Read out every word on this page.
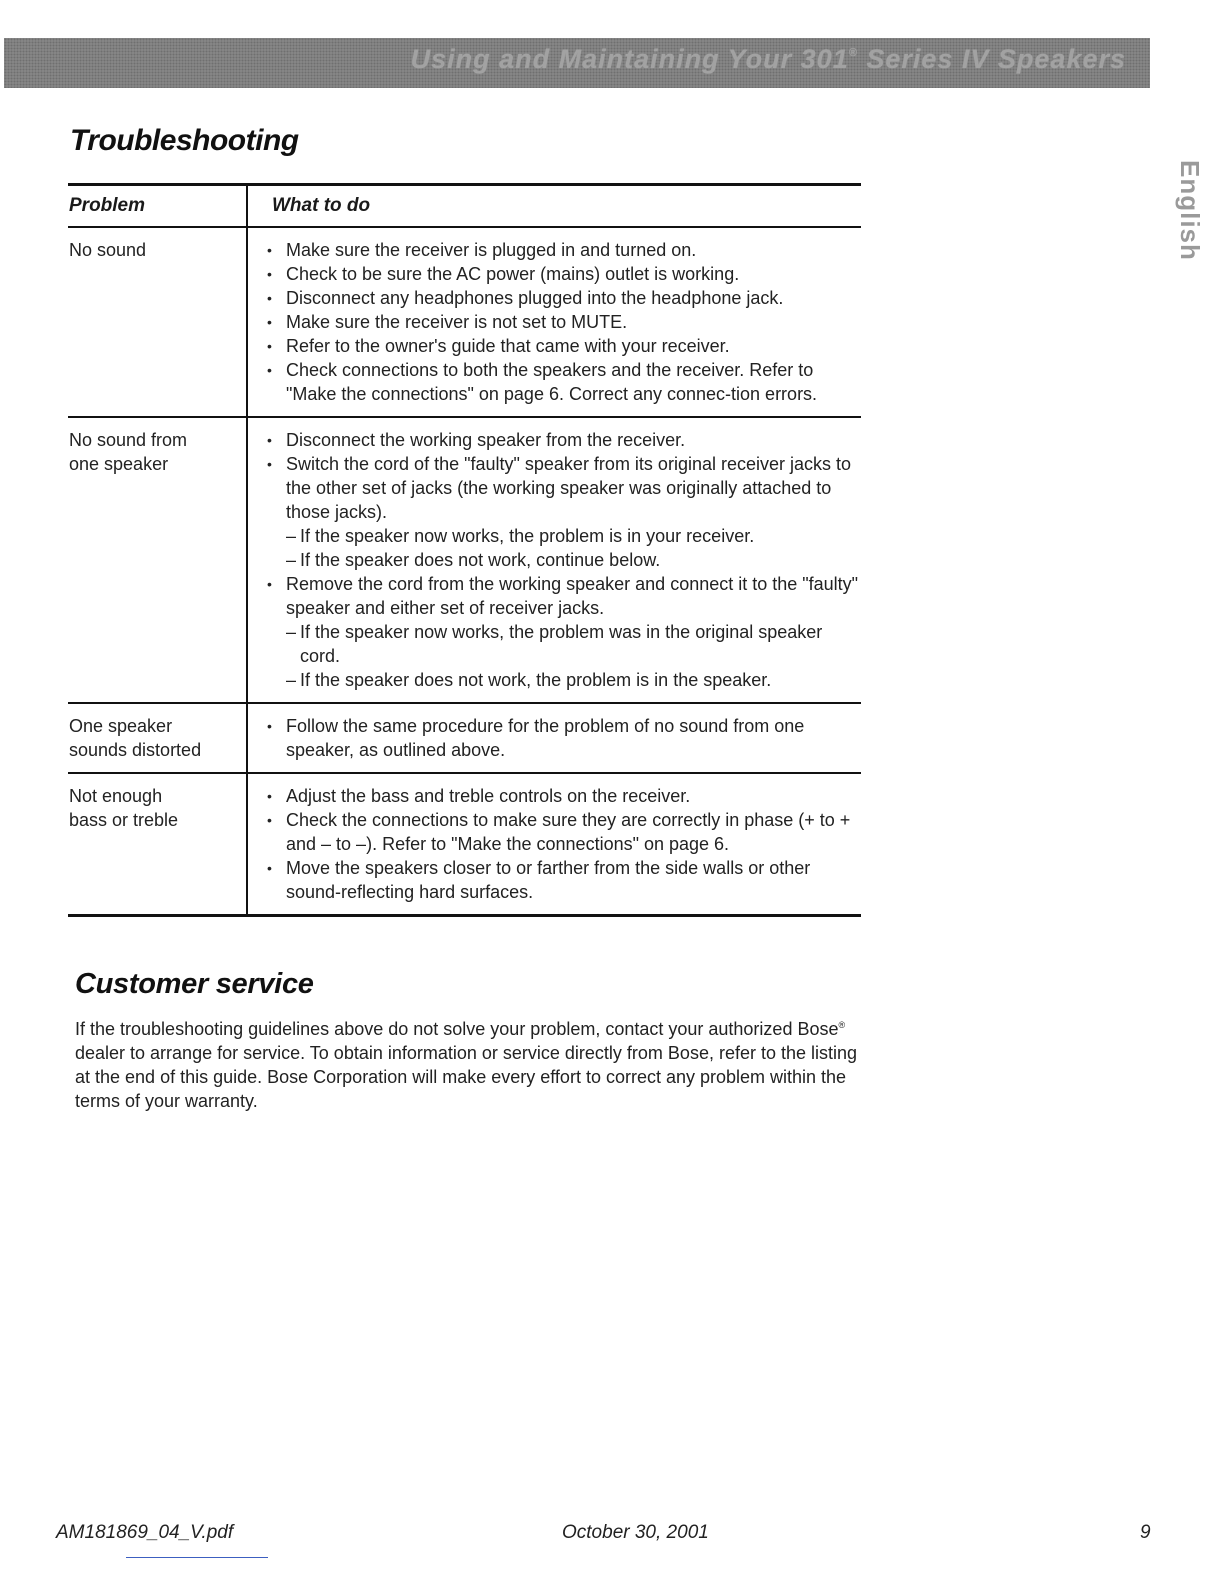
Using and Maintaining Your 301® Series IV Speakers
English
Troubleshooting
Problem	What to do
No sound
•	Make sure the receiver is plugged in and turned on.
• Check to be sure the AC power (mains) outlet is working.
• Disconnect any headphones plugged into the headphone jack.
• Make sure the receiver is not set to MUTE.
• Refer to the owner's guide that came with your receiver.
• Check connections to both the speakers and the receiver. Refer to "Make the connections" on page 6. Correct any connec-tion errors.
No sound from
one speaker
• Disconnect the working speaker from the receiver.
• Switch the cord of the "faulty" speaker from its original receiver jacks to the other set of jacks (the working speaker was originally attached to those jacks).
– If the speaker now works, the problem is in your receiver.
– If the speaker does not work, continue below.
• Remove the cord from the working speaker and connect it to the "faulty" speaker and either set of receiver jacks.
– If the speaker now works, the problem was in the original speaker cord.
– If the speaker does not work, the problem is in the speaker.
One speaker
sounds distorted
• Follow the same procedure for the problem of no sound from one speaker, as outlined above.
Not enough
bass or treble
• Adjust the bass and treble controls on the receiver.
• Check the connections to make sure they are correctly in phase (+ to + and – to –). Refer to "Make the connections" on page 6.
• Move the speakers closer to or farther from the side walls or other sound-reflecting hard surfaces.
Customer service

If the troubleshooting guidelines above do not solve your problem, contact your authorized Bose® dealer to arrange for service. To obtain information or service directly from Bose, refer to the listing at the end of this guide. Bose Corporation will make every effort to correct any problem within the terms of your warranty.

AM181869_04_V.pdf	October 30, 2001	9
